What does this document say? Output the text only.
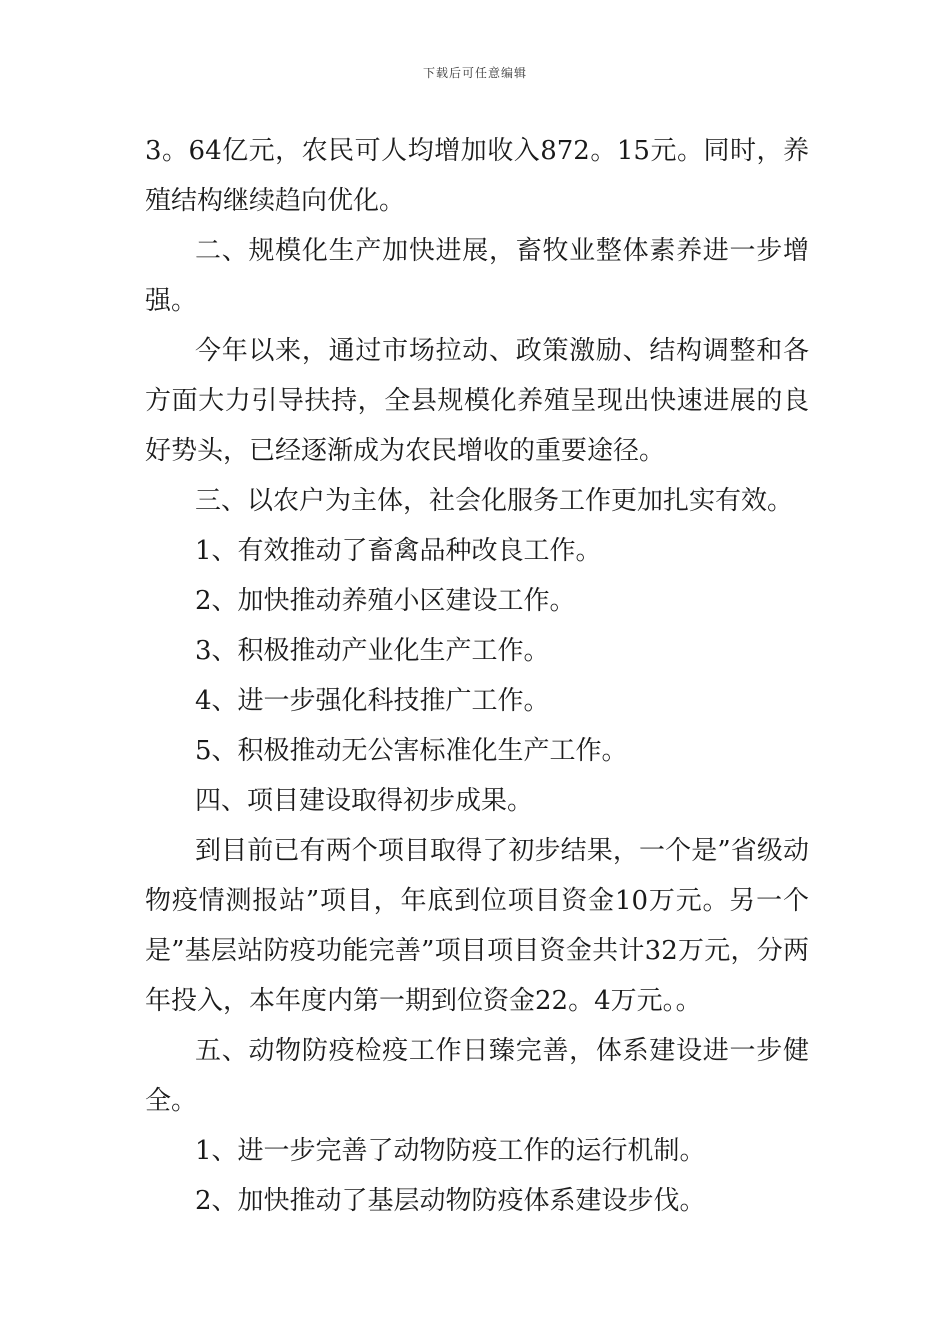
下载后可任意编辑

3。64亿元，农民可人均增加收入872。15元。同时，养殖结构继续趋向优化。

二、规模化生产加快进展，畜牧业整体素养进一步增强。

今年以来，通过市场拉动、政策激励、结构调整和各方面大力引导扶持，全县规模化养殖呈现出快速进展的良好势头，已经逐渐成为农民增收的重要途径。

三、以农户为主体，社会化服务工作更加扎实有效。

1、有效推动了畜禽品种改良工作。

2、加快推动养殖小区建设工作。

3、积极推动产业化生产工作。

4、进一步强化科技推广工作。

5、积极推动无公害标准化生产工作。

四、项目建设取得初步成果。

到目前已有两个项目取得了初步结果，一个是”省级动物疫情测报站”项目，年底到位项目资金10万元。另一个是”基层站防疫功能完善”项目项目资金共计32万元，分两年投入，本年度内第一期到位资金22。4万元。。

五、动物防疫检疫工作日臻完善，体系建设进一步健全。

1、进一步完善了动物防疫工作的运行机制。

2、加快推动了基层动物防疫体系建设步伐。
